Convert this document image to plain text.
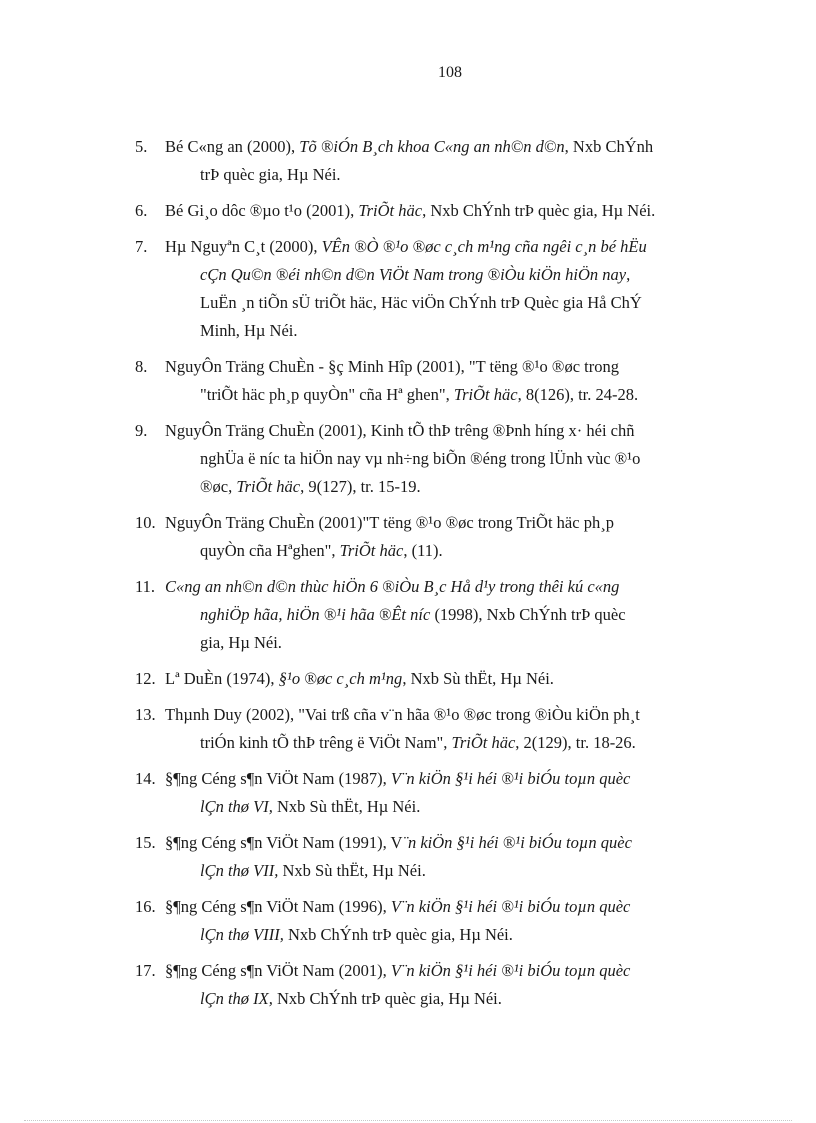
108
5. Bé C«ng an (2000), Tõ ®iÓn B¸ch khoa C«ng an nh©n d©n, Nxb ChÝnh
trÞ quèc gia, Hµ Néi.
6. Bé Gi¸o dôc ®µo t¹o (2001), TriÕt häc, Nxb ChÝnh trÞ quèc gia, Hµ Néi.
7. Hµ Nguyªn C¸t (2000), VÊn ®Ò ®¹o ®øc c¸ch m¹ng cña ngêi c¸n bé hËu
cÇn Qu©n ®éi nh©n d©n ViÖt Nam trong ®iÒu kiÖn hiÖn nay,
LuËn ¸n tiÕn sÜ triÕt häc, Häc viÖn ChÝnh trÞ Quèc gia Hå ChÝ
Minh, Hµ Néi.
8. NguyÔn Träng ChuÈn - §ç Minh Hîp (2001), "T tëng ®¹o ®øc trong
"triÕt häc ph¸p quyÒn" cña Hª ghen", TriÕt häc, 8(126), tr. 24-28.
9. NguyÔn Träng ChuÈn (2001), Kinh tÕ thÞ trêng ®Þnh híng x· héi chñ
nghÜa ë níc ta hiÖn nay vµ nh÷ng biÕn ®éng trong lÜnh vùc ®¹o
®øc, TriÕt häc, 9(127), tr. 15-19.
10. NguyÔn Träng ChuÈn (2001)"T tëng ®¹o ®øc trong TriÕt häc ph¸p
quyÒn cña Hªghen", TriÕt häc, (11).
11. C«ng an nh©n d©n thùc hiÖn 6 ®iÒu B¸c Hå d¹y trong thêi kú c«ng
nghiÖp hãa, hiÖn ®¹i hãa ®Êt níc (1998), Nxb ChÝnh trÞ quèc
gia, Hµ Néi.
12. Lª DuÈn (1974), §¹o ®øc c¸ch m¹ng, Nxb Sù thËt, Hµ Néi.
13. Thµnh Duy (2002), "Vai trß cña v¨n hãa ®¹o ®øc trong ®iÒu kiÖn ph¸t
triÓn kinh tÕ thÞ trêng ë ViÖt Nam", TriÕt häc, 2(129), tr. 18-26.
14. §¶ng Céng s¶n ViÖt Nam (1987), V¨n kiÖn §¹i héi ®¹i biÓu toµn quèc
lÇn thø VI, Nxb Sù thËt, Hµ Néi.
15. §¶ng Céng s¶n ViÖt Nam (1991), V¨n kiÖn §¹i héi ®¹i biÓu toµn quèc
lÇn thø VII, Nxb Sù thËt, Hµ Néi.
16. §¶ng Céng s¶n ViÖt Nam (1996), V¨n kiÖn §¹i héi ®¹i biÓu toµn quèc
lÇn thø VIII, Nxb ChÝnh trÞ quèc gia, Hµ Néi.
17. §¶ng Céng s¶n ViÖt Nam (2001), V¨n kiÖn §¹i héi ®¹i biÓu toµn quèc
lÇn thø IX, Nxb ChÝnh trÞ quèc gia, Hµ Néi.
